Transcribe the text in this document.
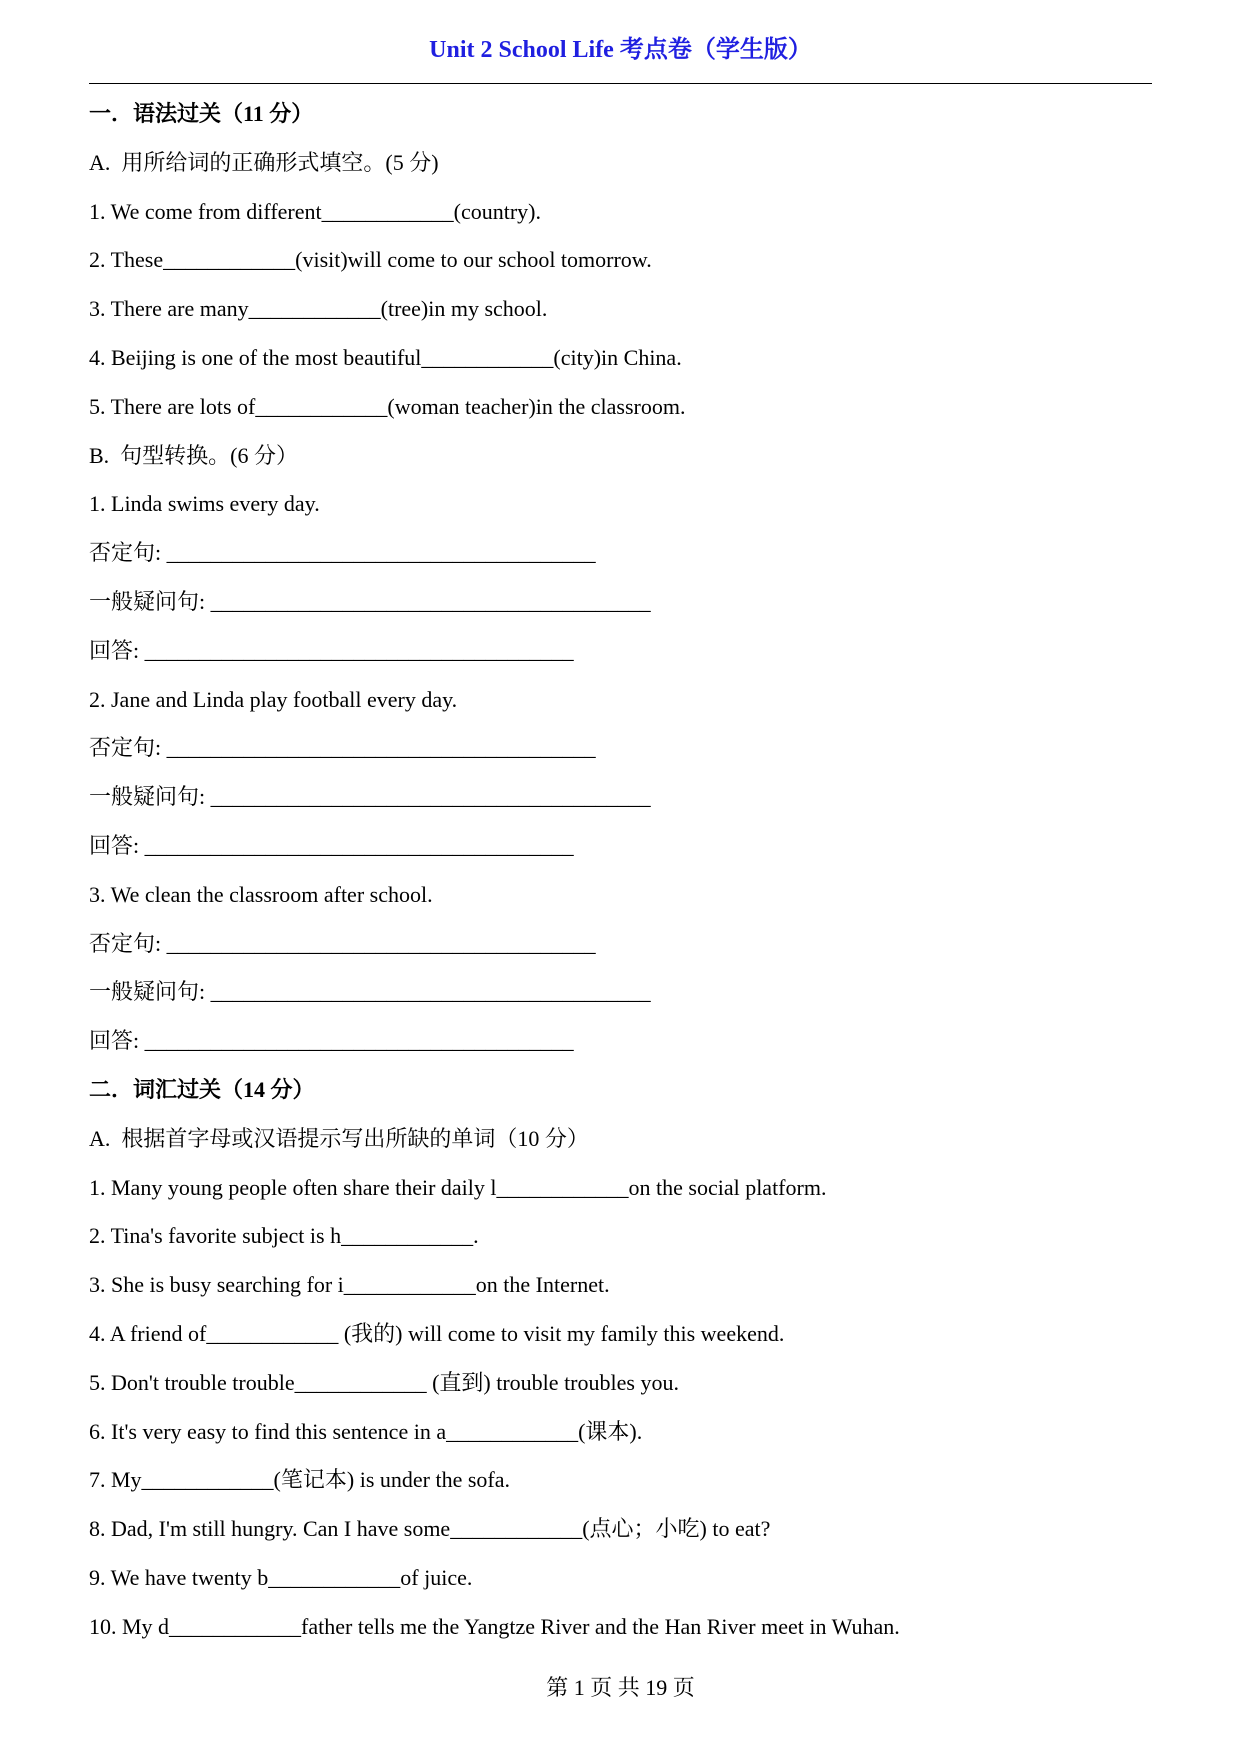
Unit 2 School Life 考点卷（学生版）
一．语法过关（11 分）
A.  用所给词的正确形式填空。(5 分)
1. We come from different____________(country).
2. These____________(visit)will come to our school tomorrow.
3. There are many____________(tree)in my school.
4. Beijing is one of the most beautiful____________(city)in China.
5. There are lots of____________(woman teacher)in the classroom.
B.  句型转换。(6 分）
1. Linda swims every day.
否定句: _______________________________________
一般疑问句: ________________________________________
回答: _______________________________________
2. Jane and Linda play football every day.
否定句: _______________________________________
一般疑问句: ________________________________________
回答: _______________________________________
3. We clean the classroom after school.
否定句: _______________________________________
一般疑问句: ________________________________________
回答: _______________________________________
二．词汇过关（14 分）
A.  根据首字母或汉语提示写出所缺的单词（10 分）
1. Many young people often share their daily l____________on the social platform.
2. Tina's favorite subject is h____________.
3. She is busy searching for i____________on the Internet.
4. A friend of____________ (我的) will come to visit my family this weekend.
5. Don't trouble trouble____________ (直到) trouble troubles you.
6. It's very easy to find this sentence in a____________(课本).
7. My____________(笔记本) is under the sofa.
8. Dad, I'm still hungry. Can I have some____________(点心；小吃) to eat?
9. We have twenty b____________of juice.
10. My d____________father tells me the Yangtze River and the Han River meet in Wuhan.
第 1 页 共 19 页
